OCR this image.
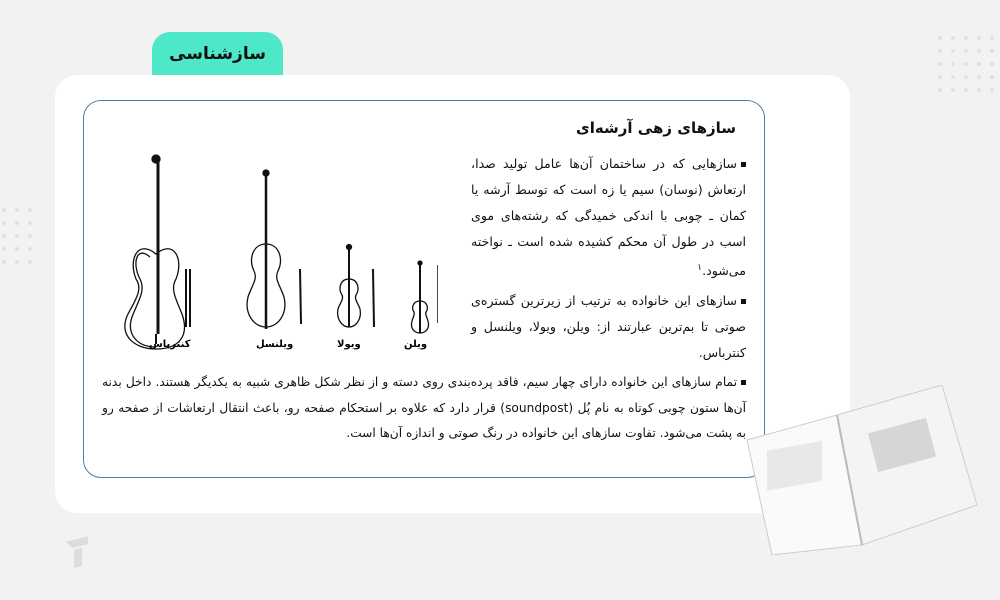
سازشناسی
سازهای زهی آرشه‌ای

سازهایی که در ساختمان آن‌ها عامل تولید صدا، ارتعاش (نوسان) سیم یا زه است که توسط آرشه یا کمان ـ چوبی با اندکی خمیدگی که رشته‌های موی اسب در طول آن محکم کشیده شده است ـ نواخته می‌شود.$^۱$

سازهای این خانواده به ترتیب از زیرترین گستره‌ی صوتی تا بم‌ترین عبارتند از: ویلن، ویولا، ویلنسل و کنترباس.

تمام سازهای این خانواده دارای چهار سیم، فاقد پرده‌بندی روی دسته و از نظر شکل ظاهری شبیه به یکدیگر هستند. داخل بدنه آن‌ها ستون چوبی کوتاه به نام پُل (soundpost) قرار دارد که علاوه بر استحکام صفحه رو، باعث انتقال ارتعاشات از صفحه رو به پشت می‌شود. تفاوت سازهای این خانواده در رنگ صوتی و اندازه آن‌ها است.
کنترباس	ویلنسل	ویولا	ویلن
